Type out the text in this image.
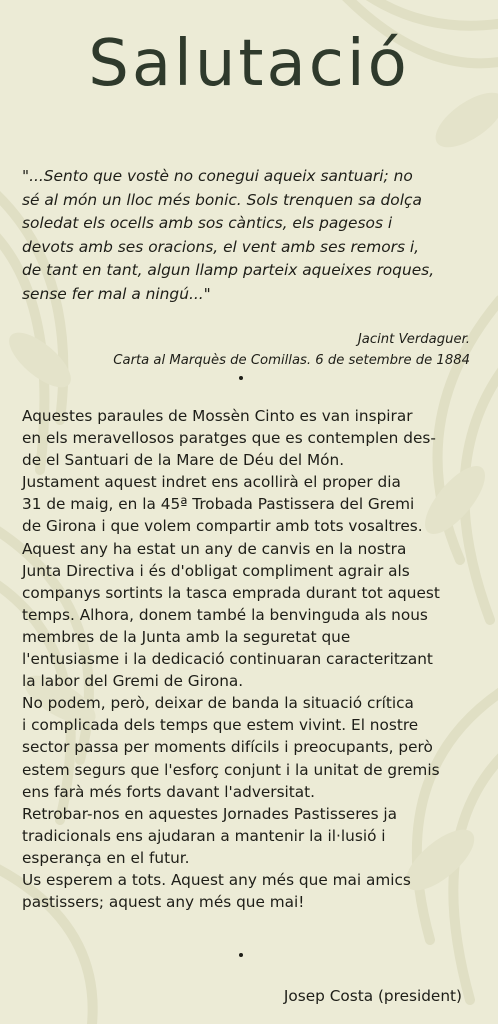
Salutació

"...Sento que vostè no conegui aqueix santuari; no
sé al món un lloc més bonic. Sols trenquen sa dolça
soledat els ocells amb sos càntics, els pagesos i
devots amb ses oracions, el vent amb ses remors i,
de tant en tant, algun llamp parteix aqueixes roques,
sense fer mal a ningú..."

Jacint Verdaguer.
Carta al Marquès de Comillas. 6 de setembre de 1884

Aquestes paraules de Mossèn Cinto es van inspirar
en els meravellosos paratges que es contemplen des-
de el Santuari de la Mare de Déu del Món.
Justament aquest indret ens acollirà el proper dia
31 de maig, en la 45ª Trobada Pastissera del Gremi
de Girona i que volem compartir amb tots vosaltres.
Aquest any ha estat un any de canvis en la nostra
Junta Directiva i és d'obligat compliment agrair als
companys sortints la tasca emprada durant tot aquest
temps. Alhora, donem també la benvinguda als nous
membres de la Junta amb la seguretat que
l'entusiasme i la dedicació continuaran caracteritzant
la labor del Gremi de Girona.
No podem, però, deixar de banda la situació crítica
i complicada dels temps que estem vivint. El nostre
sector passa per moments difícils i preocupants, però
estem segurs que l'esforç conjunt i la unitat de gremis
ens farà més forts davant l'adversitat.
Retrobar-nos en aquestes Jornades Pastisseres ja
tradicionals ens ajudaran a mantenir la il·lusió i
esperança en el futur.
Us esperem a tots. Aquest any més que mai amics
pastissers; aquest any més que mai!

Josep Costa (president)
